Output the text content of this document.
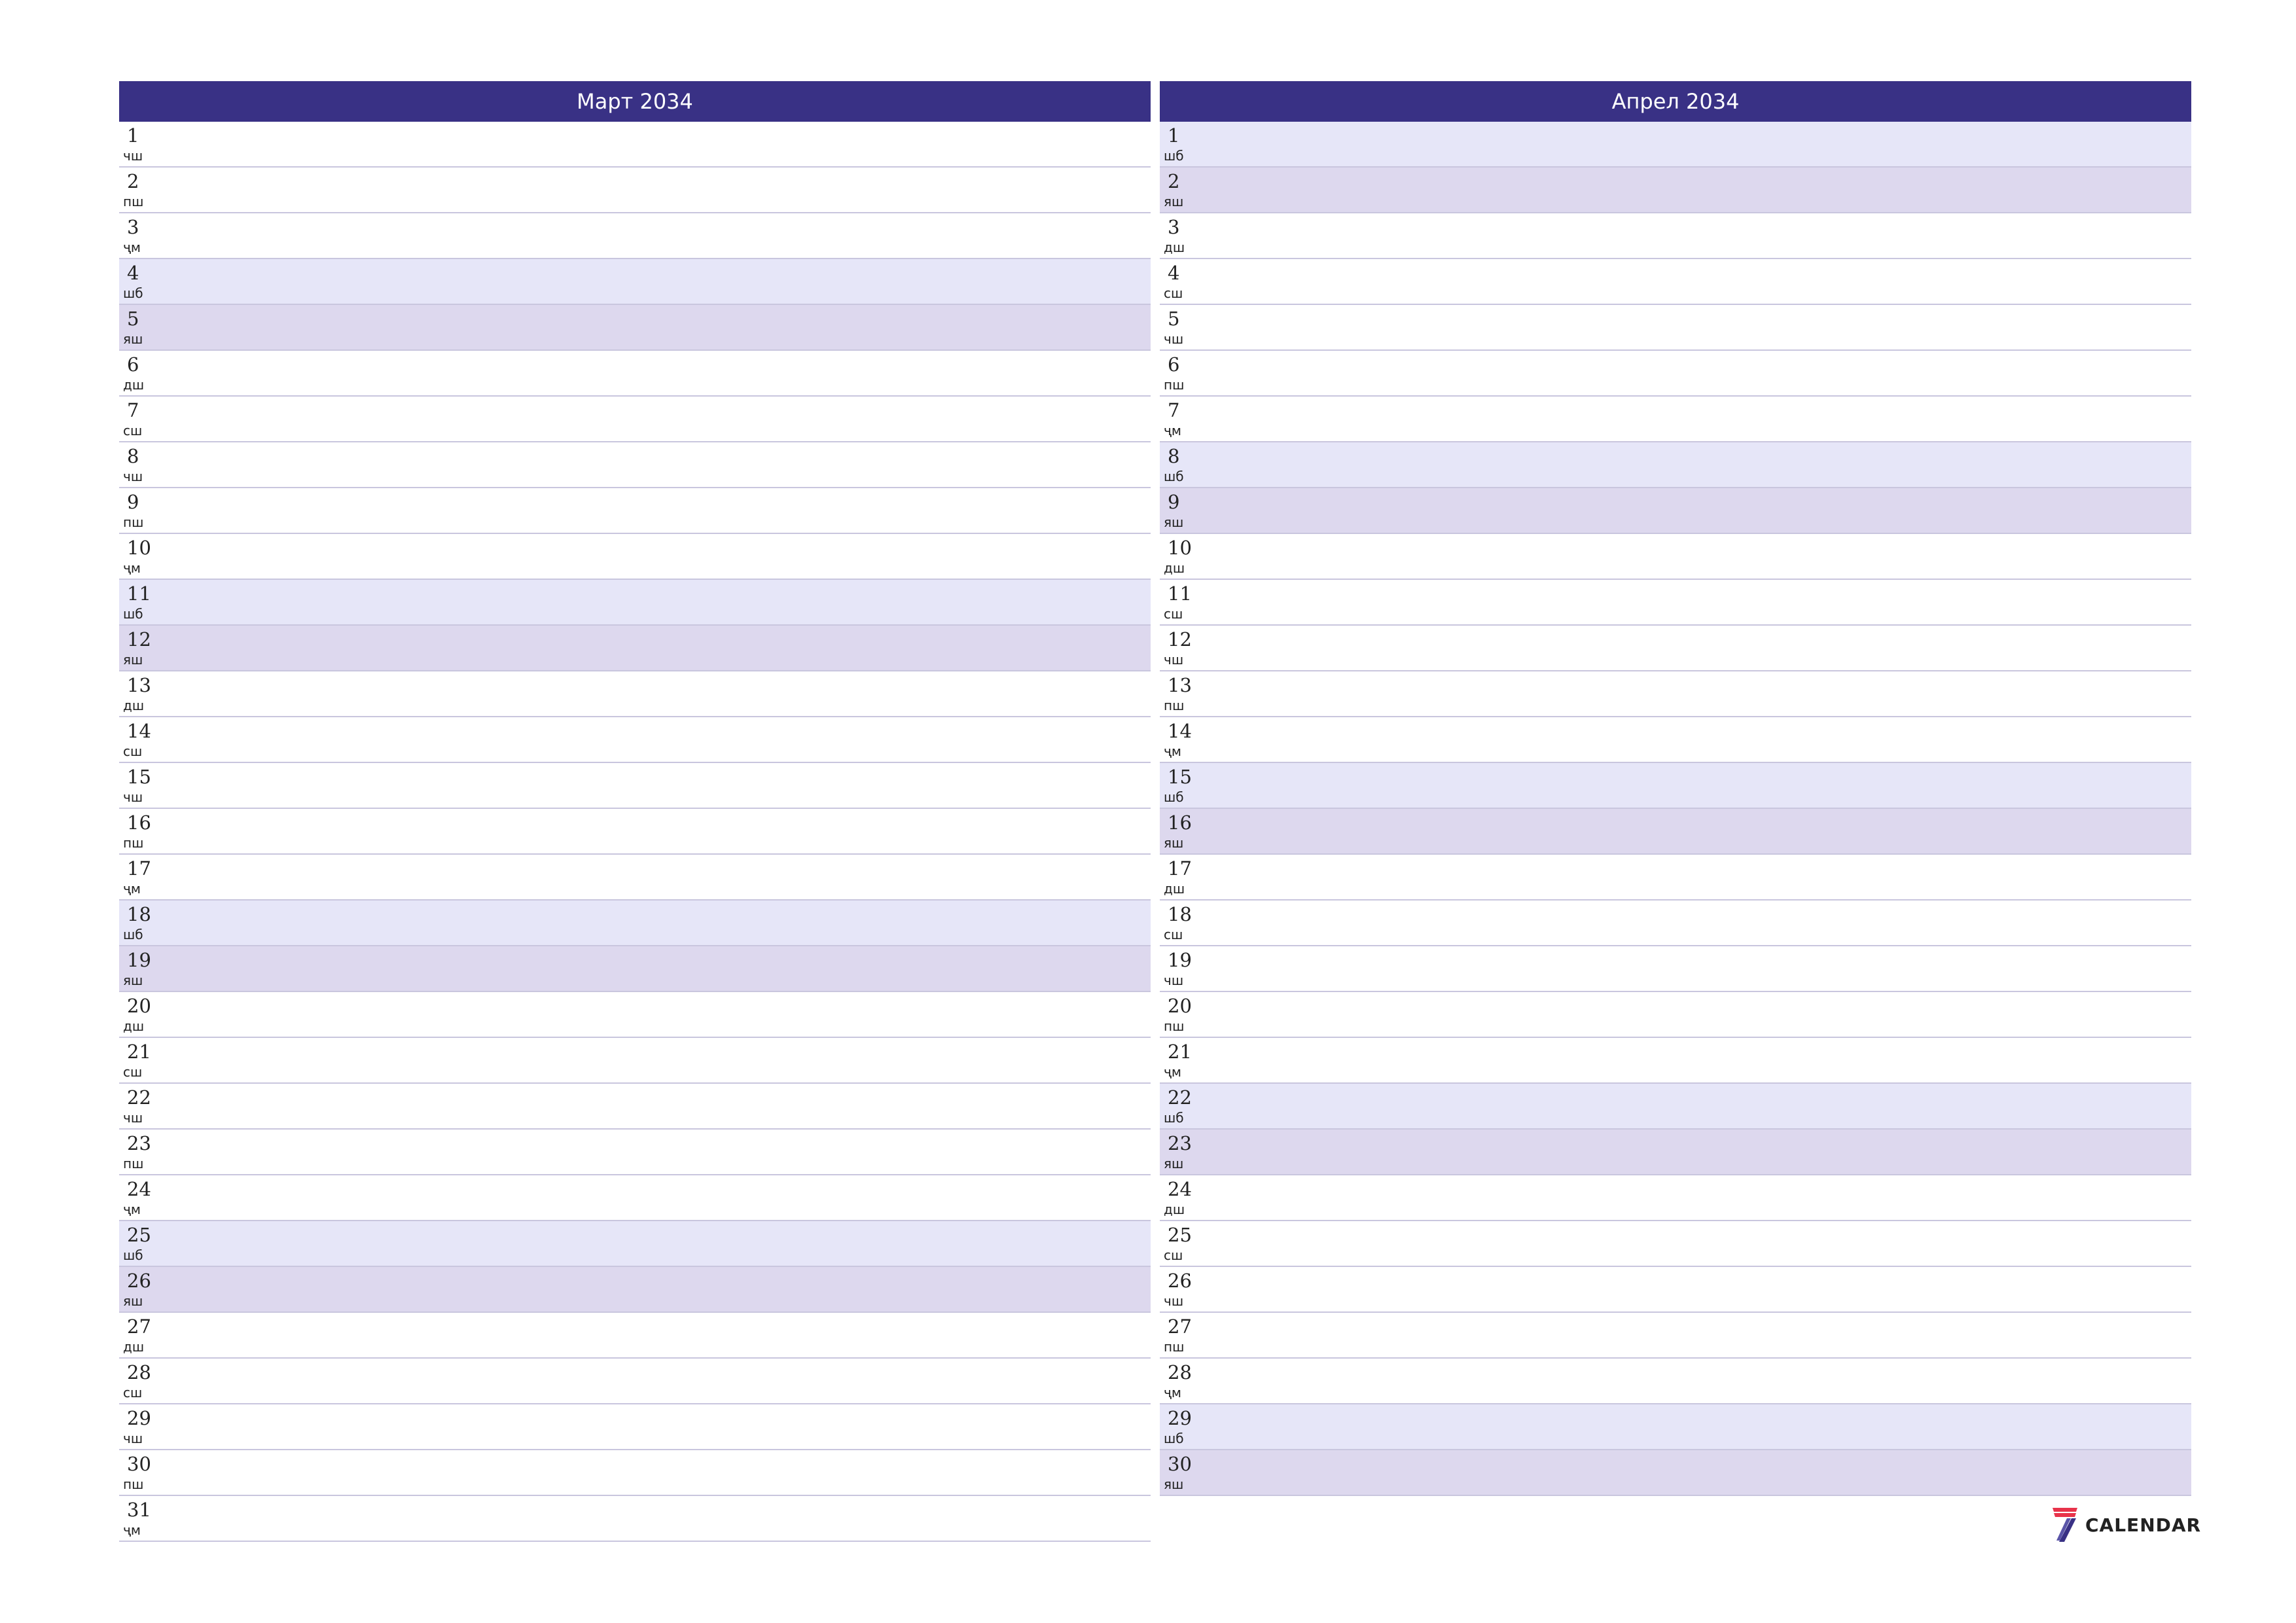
Март 2034
1
чш
2
пш
3
ҷм
4
шб
5
яш
6
дш
7
сш
8
чш
9
пш
10
ҷм
11
шб
12
яш
13
дш
14
сш
15
чш
16
пш
17
ҷм
18
шб
19
яш
20
дш
21
сш
22
чш
23
пш
24
ҷм
25
шб
26
яш
27
дш
28
сш
29
чш
30
пш
31
ҷм
Апрел 2034
1
шб
2
яш
3
дш
4
сш
5
чш
6
пш
7
ҷм
8
шб
9
яш
10
дш
11
сш
12
чш
13
пш
14
ҷм
15
шб
16
яш
17
дш
18
сш
19
чш
20
пш
21
ҷм
22
шб
23
яш
24
дш
25
сш
26
чш
27
пш
28
ҷм
29
шб
30
яш
CALENDAR
